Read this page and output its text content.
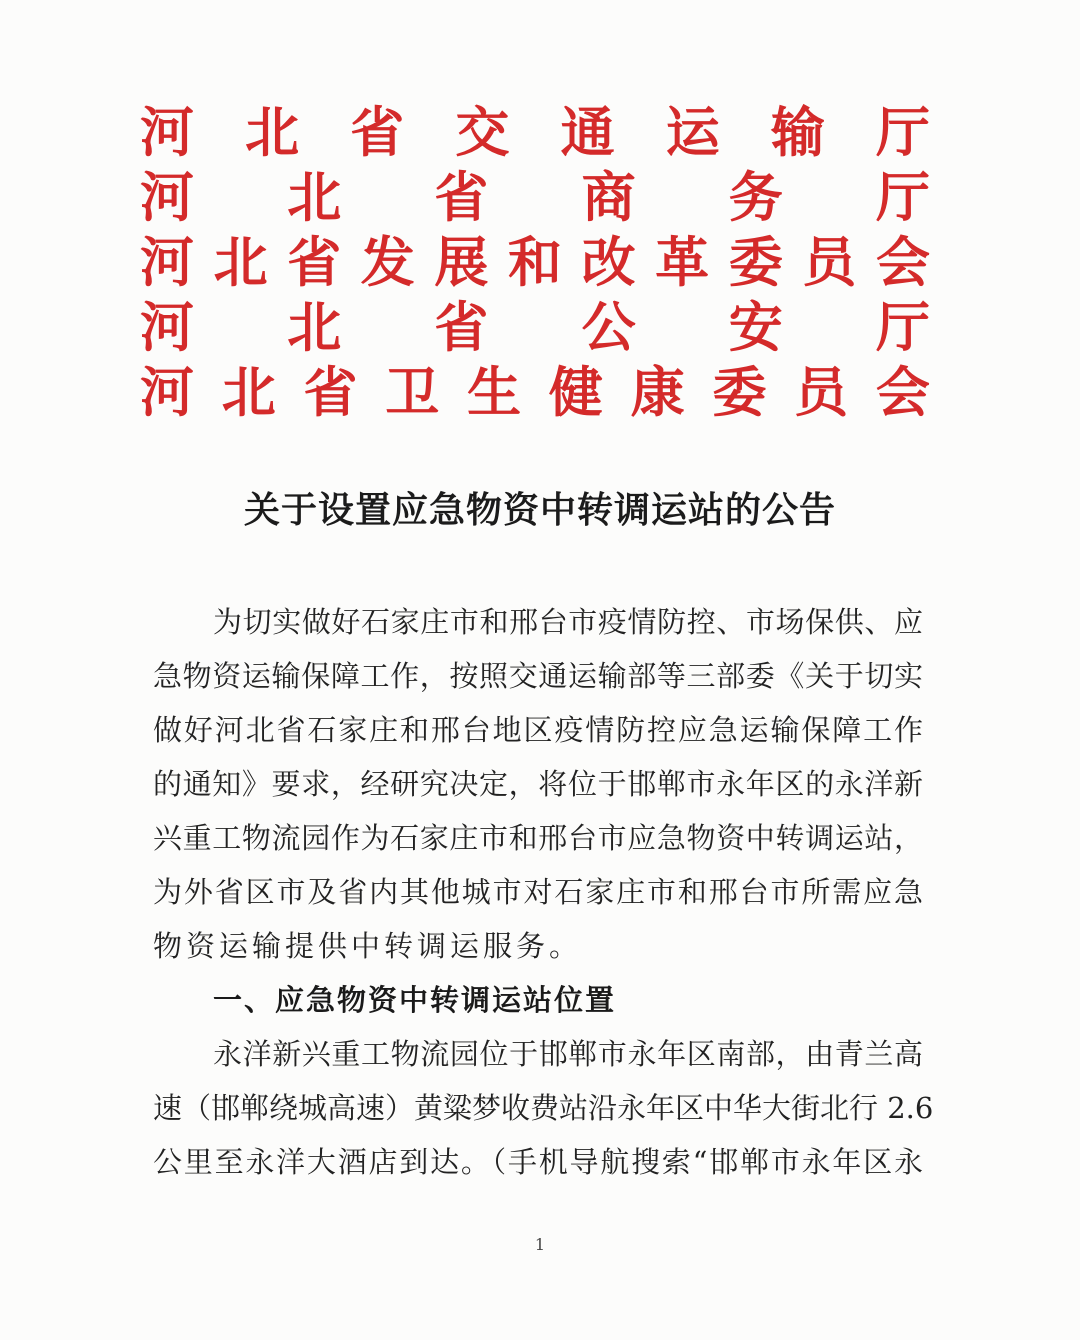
河 北 省 交 通 运 输 厅
河 北 省 商 务 厅
河 北 省 发 展 和 改 革 委 员 会
河 北 省 公 安 厅
河 北 省 卫 生 健 康 委 员 会
关于设置应急物资中转调运站的公告
为切实做好石家庄市和邢台市疫情防控、市场保供、应
急物资运输保障工作，按照交通运输部等三部委《关于切实
做好河北省石家庄和邢台地区疫情防控应急运输保障工作
的通知》要求，经研究决定，将位于邯郸市永年区的永洋新
兴重工物流园作为石家庄市和邢台市应急物资中转调运站，
为外省区市及省内其他城市对石家庄市和邢台市所需应急
物资运输提供中转调运服务。
一、应急物资中转调运站位置
永洋新兴重工物流园位于邯郸市永年区南部，由青兰高
速（邯郸绕城高速）黄粱梦收费站沿永年区中华大街北行 2.6
公里至永洋大酒店到达。（手机导航搜索“邯郸市永年区永
1
